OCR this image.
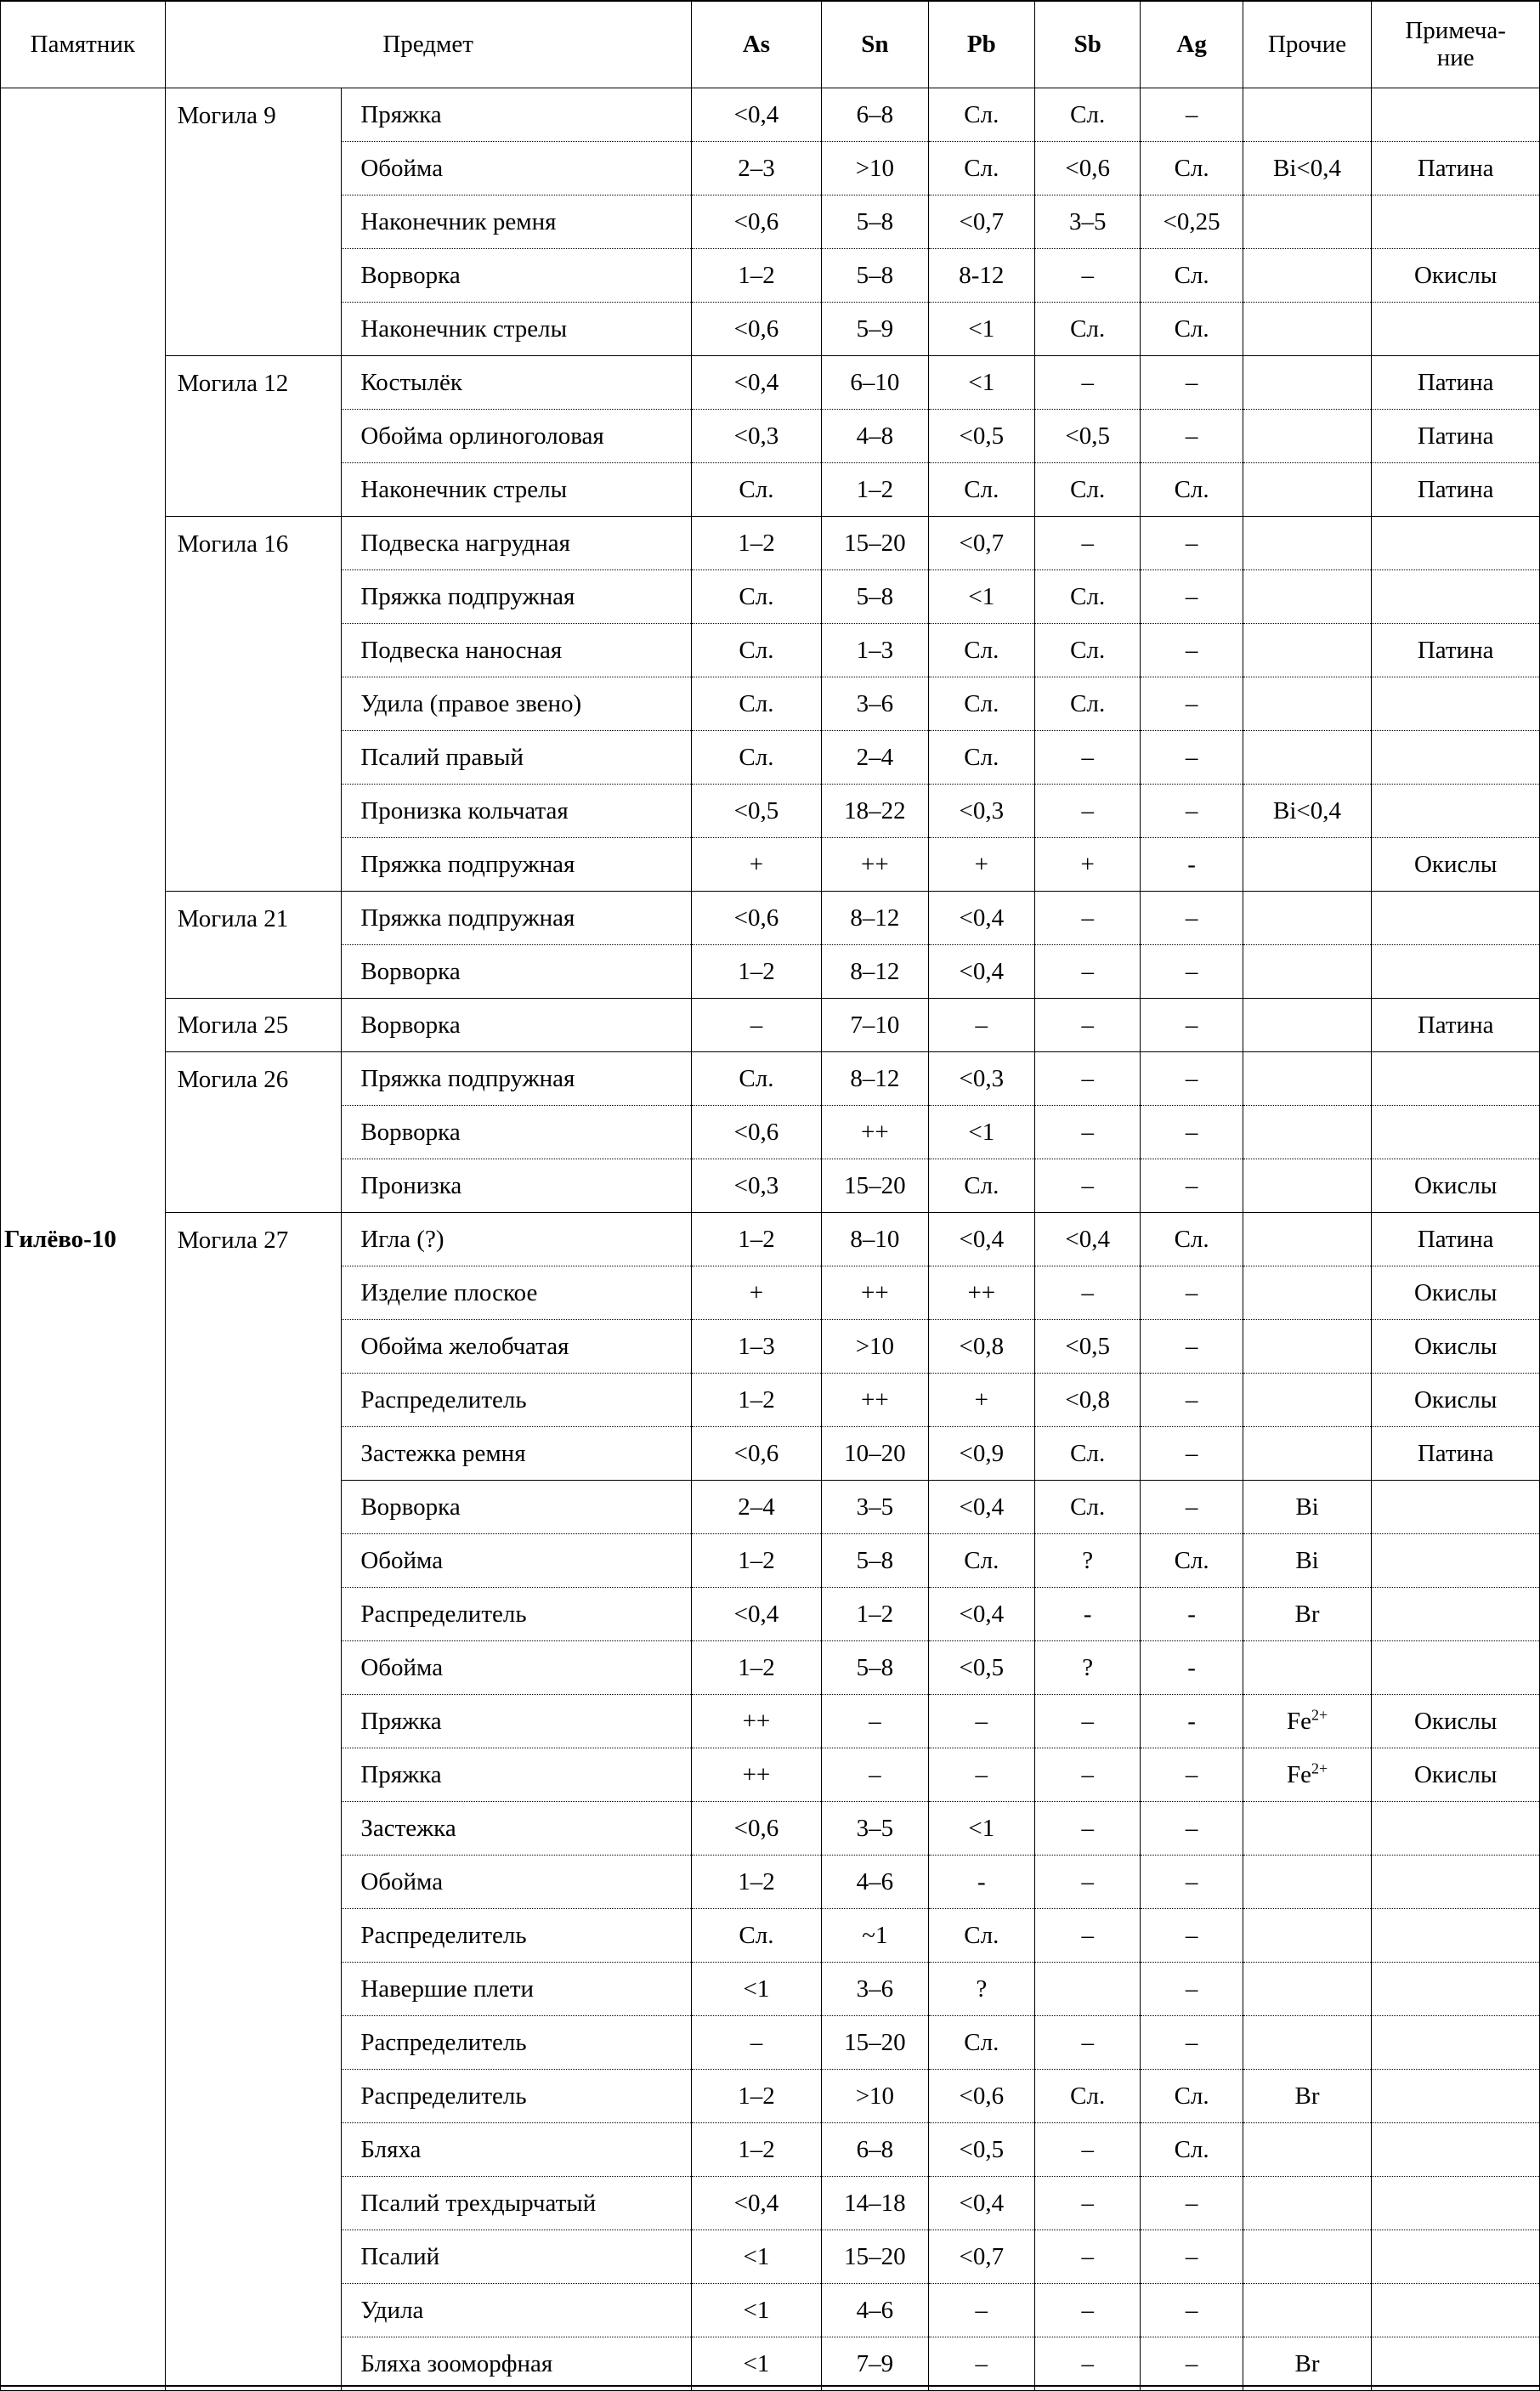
Памятник	Предмет		As	Sn	Pb	Sb	Ag	Прочие	Примеча-
ние

Гилёво-10	Могила 9	Пряжка	<0,4	6–8	Сл.	Сл.	–		
		Обойма	2–3	>10	Сл.	<0,6	Сл.	Bi<0,4	Патина
		Наконечник ремня	<0,6	5–8	<0,7	3–5	<0,25		
		Ворворка	1–2	5–8	8-12	–	Сл.		Окислы
		Наконечник стрелы	<0,6	5–9	<1	Сл.	Сл.		
	Могила 12	Костылёк	<0,4	6–10	<1	–	–		Патина
		Обойма орлиноголовая	<0,3	4–8	<0,5	<0,5	–		Патина
		Наконечник стрелы	Сл.	1–2	Сл.	Сл.	Сл.		Патина
	Могила 16	Подвеска нагрудная	1–2	15–20	<0,7	–	–		
		Пряжка подпружная	Сл.	5–8	<1	Сл.	–		
		Подвеска наносная	Сл.	1–3	Сл.	Сл.	–		Патина
		Удила (правое звено)	Сл.	3–6	Сл.	Сл.	–		
		Псалий правый	Сл.	2–4	Сл.	–	–		
		Пронизка кольчатая	<0,5	18–22	<0,3	–	–	Bi<0,4	
		Пряжка подпружная	+	++	+	+	-		Окислы
	Могила 21	Пряжка подпружная	<0,6	8–12	<0,4	–	–		
		Ворворка	1–2	8–12	<0,4	–	–		
	Могила 25	Ворворка	–	7–10	–	–	–		Патина
	Могила 26	Пряжка подпружная	Сл.	8–12	<0,3	–	–		
		Ворворка	<0,6	++	<1	–	–		
		Пронизка	<0,3	15–20	Сл.	–	–		Окислы
	Могила 27	Игла (?)	1–2	8–10	<0,4	<0,4	Сл.		Патина
		Изделие плоское	+	++	++	–	–		Окислы
		Обойма желобчатая	1–3	>10	<0,8	<0,5	–		Окислы
		Распределитель	1–2	++	+	<0,8	–		Окислы
		Застежка ремня	<0,6	10–20	<0,9	Сл.	–		Патина
		Ворворка	2–4	3–5	<0,4	Сл.	–	Bi	
		Обойма	1–2	5–8	Сл.	?	Сл.	Bi	
		Распределитель	<0,4	1–2	<0,4	-	-	Br	
		Обойма	1–2	5–8	<0,5	?	-		
		Пряжка	++	–	–	–	-	$Fe^{2+}$	Окислы
		Пряжка	++	–	–	–	–	$Fe^{2+}$	Окислы
		Застежка	<0,6	3–5	<1	–	–		
		Обойма	1–2	4–6	-	–	–		
		Распределитель	Сл.	~1	Сл.	–	–		
		Навершие плети	<1	3–6	?		–		
		Распределитель	–	15–20	Сл.	–	–		
		Распределитель	1–2	>10	<0,6	Сл.	Сл.	Br	
		Бляха	1–2	6–8	<0,5	–	Сл.		
		Псалий трехдырчатый	<0,4	14–18	<0,4	–	–		
		Псалий	<1	15–20	<0,7	–	–		
		Удила	<1	4–6	–	–	–		
		Бляха зооморфная	<1	7–9	–	–	–	Br	
